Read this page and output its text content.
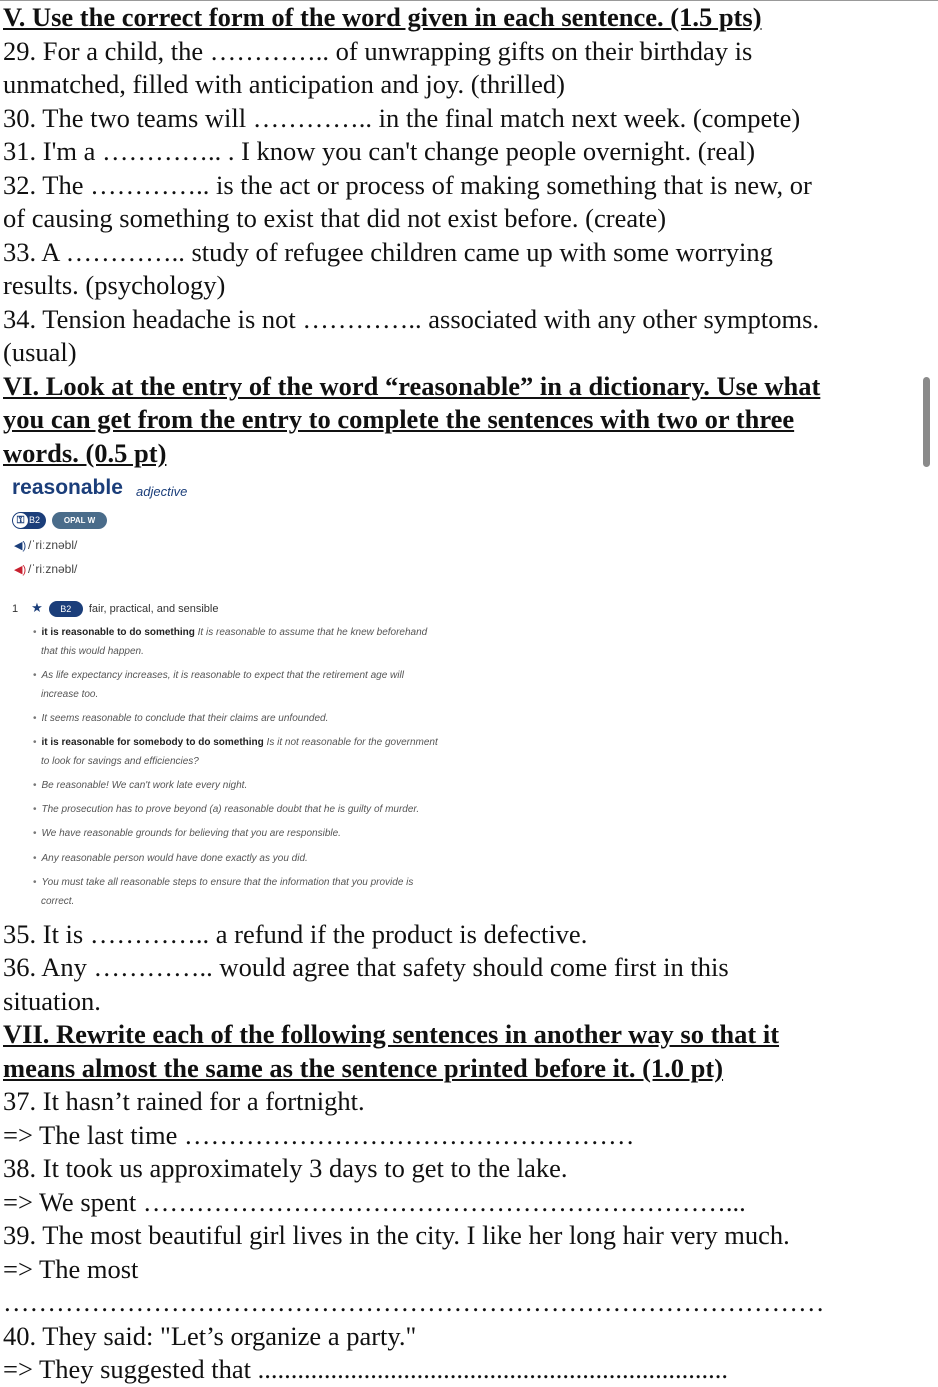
V. Use the correct form of the word given in each sentence. (1.5 pts)
29. For a child, the ………….. of unwrapping gifts on their birthday is
unmatched, filled with anticipation and joy. (thrilled)
30. The two teams will ………….. in the final match next week. (compete)
31. I'm a ………….. . I know you can't change people overnight. (real)
32. The ………….. is the act or process of making something that is new, or
of causing something to exist that did not exist before. (create)
33. A ………….. study of refugee children came up with some worrying
results. (psychology)
34. Tension headache is not ………….. associated with any other symptoms.
(usual)
VI. Look at the entry of the word “reasonable” in a dictionary. Use what
you can get from the entry to complete the sentences with two or three
words. (0.5 pt)
reasonable adjective
⚿ B2	OPAL W
◀) /ˈriːznəbl/
◀) /ˈriːznəbl/
1 ★ B2 fair, practical, and sensible
• it is reasonable to do something It is reasonable to assume that he knew beforehand
that this would happen.
• As life expectancy increases, it is reasonable to expect that the retirement age will
increase too.
• It seems reasonable to conclude that their claims are unfounded.
• it is reasonable for somebody to do something Is it not reasonable for the government
to look for savings and efficiencies?
• Be reasonable! We can't work late every night.
• The prosecution has to prove beyond (a) reasonable doubt that he is guilty of murder.
• We have reasonable grounds for believing that you are responsible.
• Any reasonable person would have done exactly as you did.
• You must take all reasonable steps to ensure that the information that you provide is
correct.
35. It is ………….. a refund if the product is defective.
36. Any ………….. would agree that safety should come first in this
situation.
VII. Rewrite each of the following sentences in another way so that it
means almost the same as the sentence printed before it. (1.0 pt)
37. It hasn’t rained for a fortnight.
=> The last time ……………………………………………
38. It took us approximately 3 days to get to the lake.
=> We spent …………………………………………………………...
39. The most beautiful girl lives in the city. I like her long hair very much.
=> The most
…………………………………………………………………………………
40. They said: "Let’s organize a party."
=> They suggested that .......................................................................
